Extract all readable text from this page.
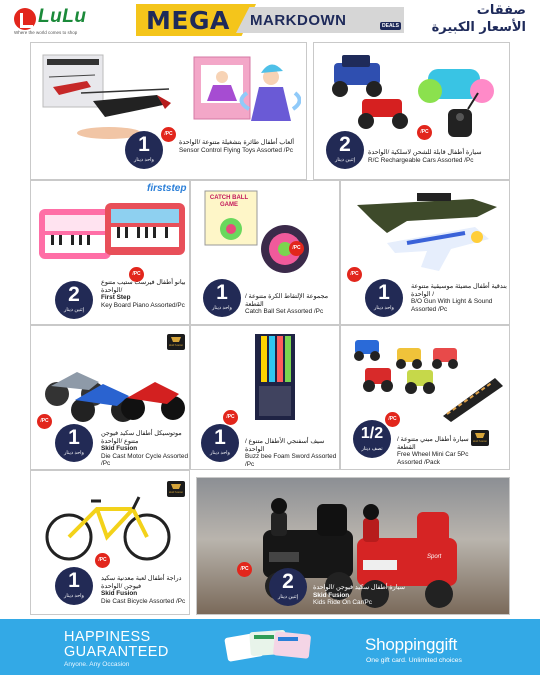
LuLu
Where the world comes to shop	MEGA MARKDOWN	DEALS
صفقات
الأسعار الكبيرة
1
واحد دينار
/PC
ألعاب أطفال طائرة بتشغيلة متنوعة /الواحدة
Sensor Control Flying Toys Assorted /Pc
/PC
2
إثنين دينار
سيارة أطفال قابلة للشحن لاسلكية /الواحدة
R/C Rechargeable Cars Assorted /Pc
firststep
/PC
2
إثنين دينار
بيانو أطفال فيرست ستيب متنوع /الواحدة
First Step
Key Board Piano Assorted/Pc
CATCH BALL GAME
/PC
1
واحد دينار
مجموعة الإلتقاط الكرة متنوعة / القطعة
Catch Ball Set Assorted /Pc
/PC
1
واحد دينار
بندقية أطفال مضيئة موسيقية متنوعة / الواحدة
B/O Gun With Light & Sound Assorted /Pc
skid fusion
/PC
1
واحد دينار
موتوسيكل أطفال سكيد فيوجن متنوع /الواحدة
Skid Fusion
Die Cast Motor Cycle Assorted /Pc
/PC
1
واحد دينار
سيف أسفنجي الأطفال متنوع /الواحدة
Buzz bee Foam Sword Assorted /Pc
skid fusion
1/2
نصف دينار
/PC
سيارة أطفال ميني متنوعة /القطعة
Free Wheel Mini Car 5Pc Assorted /Pack
skid fusion
/PC
1
واحد دينار
دراجة أطفال لعبة معدنية سكيد فيوجن /الواحدة
Skid Fusion
Die Cast Bicycle Assorted /Pc
Sport
/PC
2
إثنين دينار
سيارة أطفال سكيد فيوجن /الواحدة
Skid Fusion
Kids Ride On Car/Pc
HAPPINESS
GUARANTEED
Anyone. Any Occasion
Shoppinggift
One gift card. Unlimited choices
